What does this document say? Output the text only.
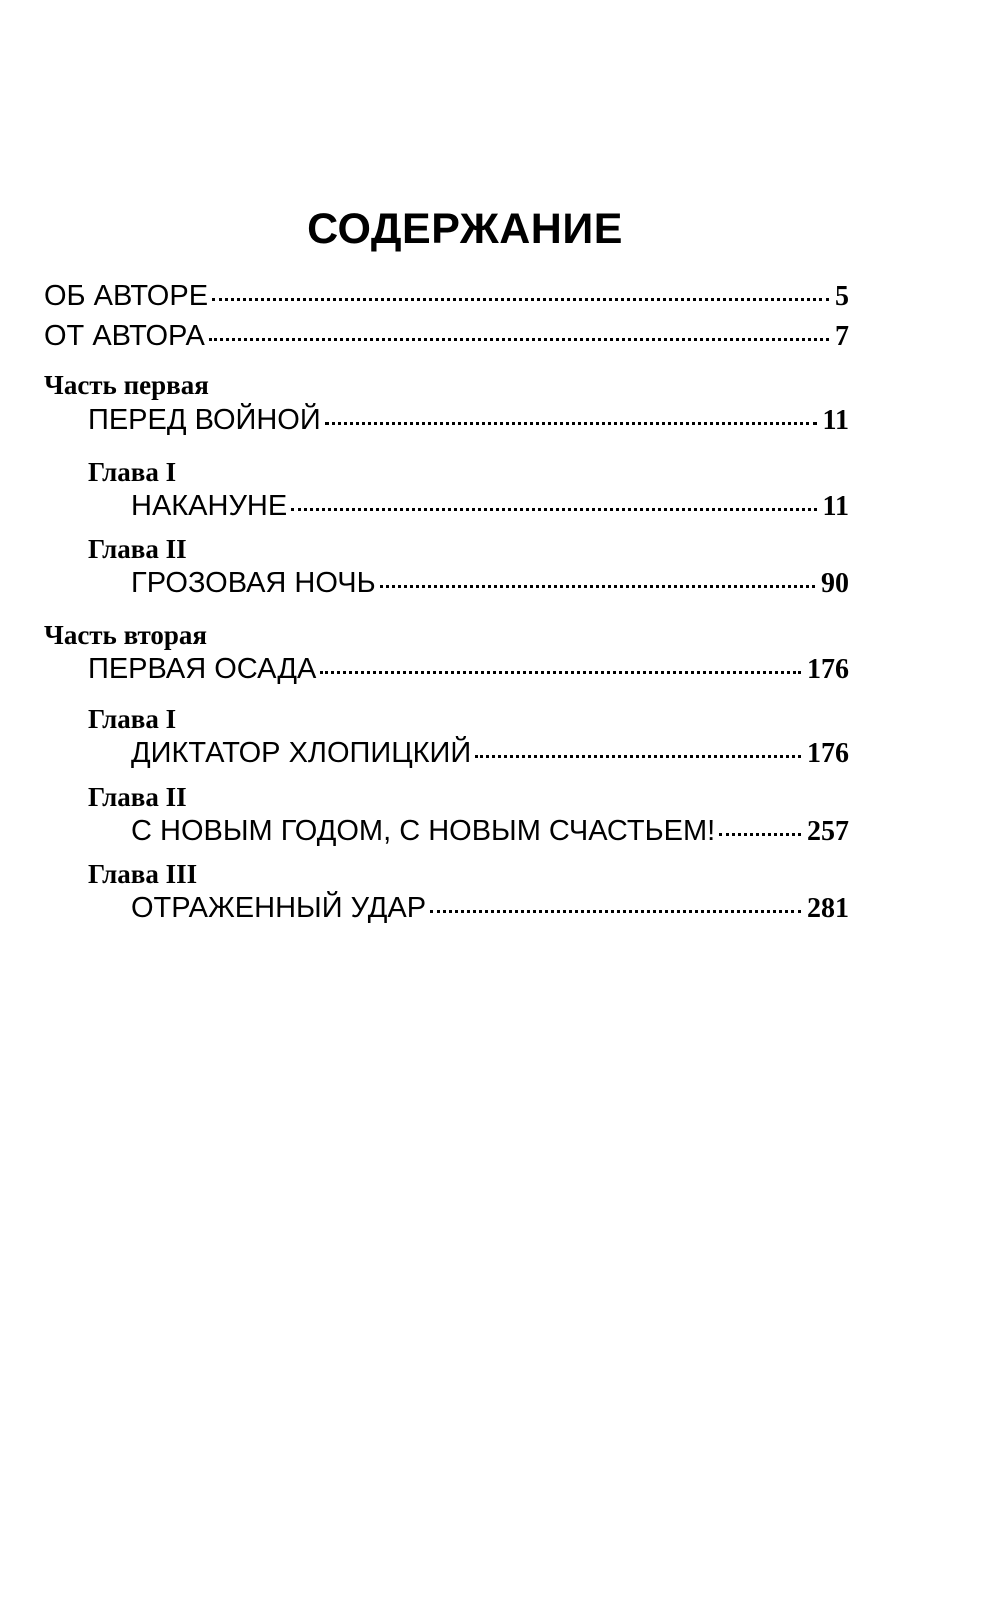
СОДЕРЖАНИЕ
ОБ АВТОРЕ	5
ОТ АВТОРА	7
Часть первая
ПЕРЕД ВОЙНОЙ	11
Глава I
НАКАНУНЕ	11
Глава II
ГРОЗОВАЯ НОЧЬ	90
Часть вторая
ПЕРВАЯ ОСАДА	176
Глава I
ДИКТАТОР ХЛОПИЦКИЙ	176
Глава II
С НОВЫМ ГОДОМ, С НОВЫМ СЧАСТЬЕМ!	257
Глава III
ОТРАЖЕННЫЙ УДАР	281
